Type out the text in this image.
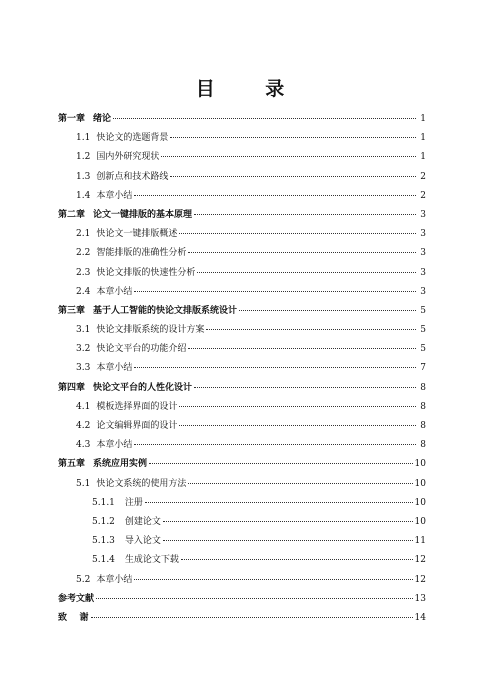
目 录
第一章 绪论	1
1.1 快论文的选题背景	1
1.2 国内外研究现状	1
1.3 创新点和技术路线	2
1.4 本章小结	2
第二章 论文一键排版的基本原理	3
2.1 快论文一键排版概述	3
2.2 智能排版的准确性分析	3
2.3 快论文排版的快速性分析	3
2.4 本章小结	3
第三章 基于人工智能的快论文排版系统设计	5
3.1 快论文排版系统的设计方案	5
3.2 快论文平台的功能介绍	5
3.3 本章小结	7
第四章 快论文平台的人性化设计	8
4.1 模板选择界面的设计	8
4.2 论文编辑界面的设计	8
4.3 本章小结	8
第五章 系统应用实例	10
5.1 快论文系统的使用方法	10
5.1.1 注册	10
5.1.2 创建论文	10
5.1.3 导入论文	11
5.1.4 生成论文下载	12
5.2 本章小结	12
参考文献	13
致    谢	14
